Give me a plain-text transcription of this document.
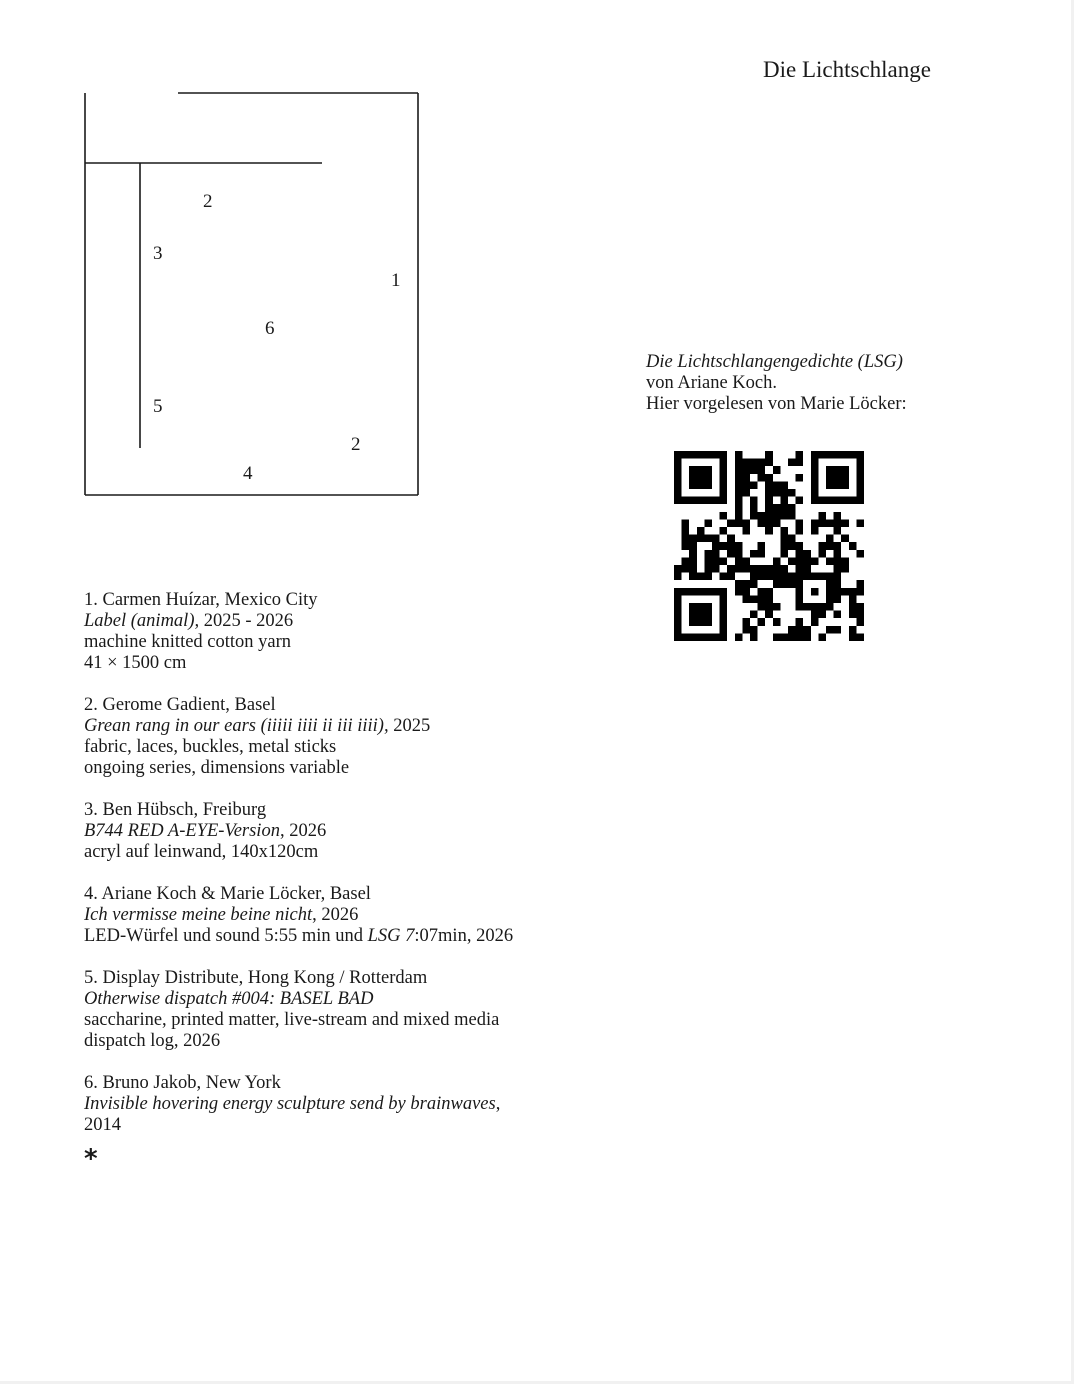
Die Lichtschlange
2
3
1
6
5
2
4
Die Lichtschlangengedichte (LSG)
von Ariane Koch.
Hier vorgelesen von Marie Löcker:
1. Carmen Huízar, Mexico City
Label (animal), 2025 - 2026
machine knitted cotton yarn
41 × 1500 cm
2. Gerome Gadient, Basel
Grean rang in our ears (iiiii iiii ii iii iiii), 2025
fabric, laces, buckles, metal sticks
ongoing series, dimensions variable
3. Ben Hübsch, Freiburg
B744 RED A-EYE-Version, 2026
acryl auf leinwand, 140x120cm
4. Ariane Koch & Marie Löcker, Basel
Ich vermisse meine beine nicht, 2026
LED-Würfel und sound 5:55 min und LSG 7:07min, 2026
5. Display Distribute, Hong Kong / Rotterdam
Otherwise dispatch #004: BASEL BAD
saccharine, printed matter, live-stream and mixed media
dispatch log, 2026
6. Bruno Jakob, New York
Invisible hovering energy sculpture send by brainwaves,
2014
*
